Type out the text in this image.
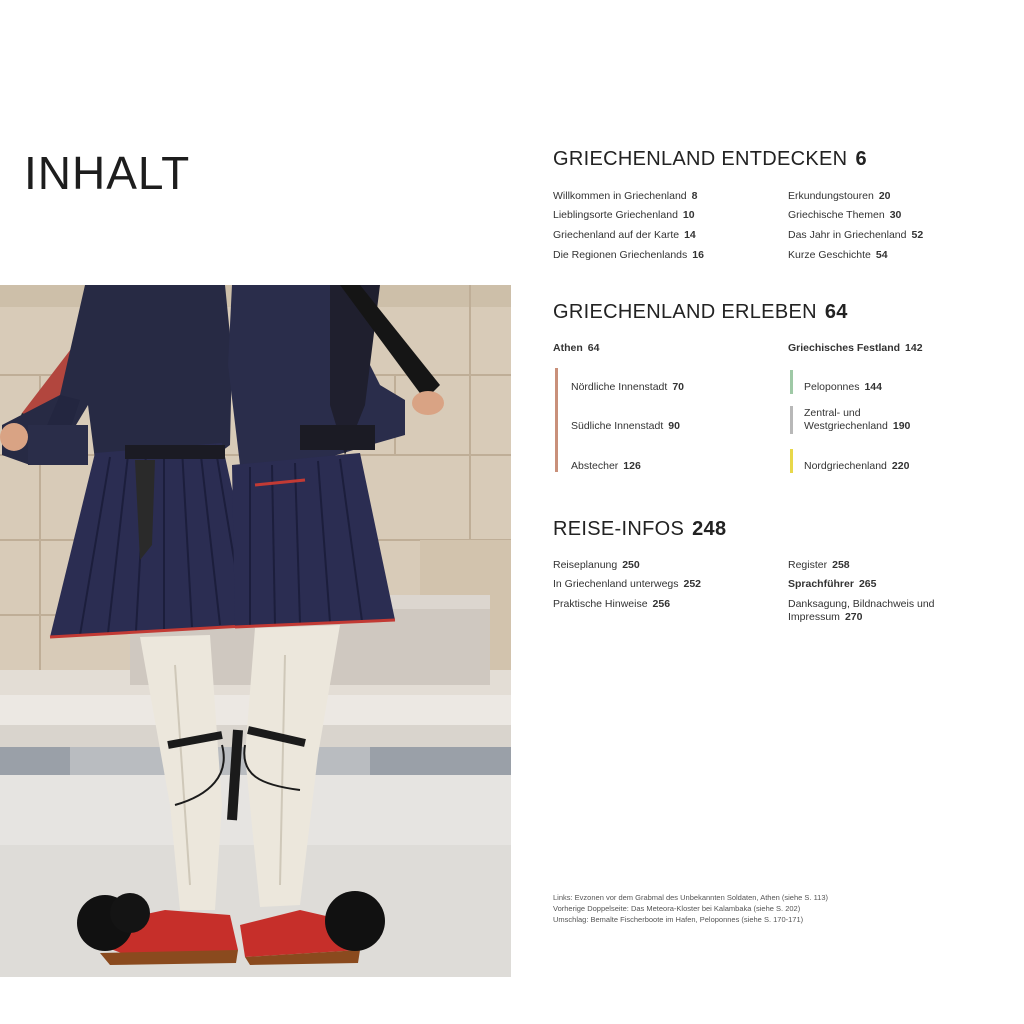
INHALT	GRIECHENLAND ENTDECKEN 6
Willkommen in Griechenland 8
Lieblingsorte Griechenland 10
Griechenland auf der Karte 14
Die Regionen Griechenlands 16
Erkundungstouren 20
Griechische Themen 30
Das Jahr in Griechenland 52
Kurze Geschichte 54
GRIECHENLAND ERLEBEN 64
Athen 64	Griechisches Festland 142
Nördliche Innenstadt 70
Südliche Innenstadt 90
Abstecher 126
Peloponnes 144
Zentral- und Westgriechenland 190
Nordgriechenland 220
REISE-INFOS 248
Reiseplanung 250
In Griechenland unterwegs 252
Praktische Hinweise 256
Register 258
Sprachführer 265
Danksagung, Bildnachweis und Impressum 270

Links: Evzonen vor dem Grabmal des Unbekannten Soldaten, Athen (siehe S. 113)

Vorherige Doppelseite: Das Meteora-Kloster bei Kalambaka (siehe S. 202)

Umschlag: Bemalte Fischerboote im Hafen, Peloponnes (siehe S. 170-171)
